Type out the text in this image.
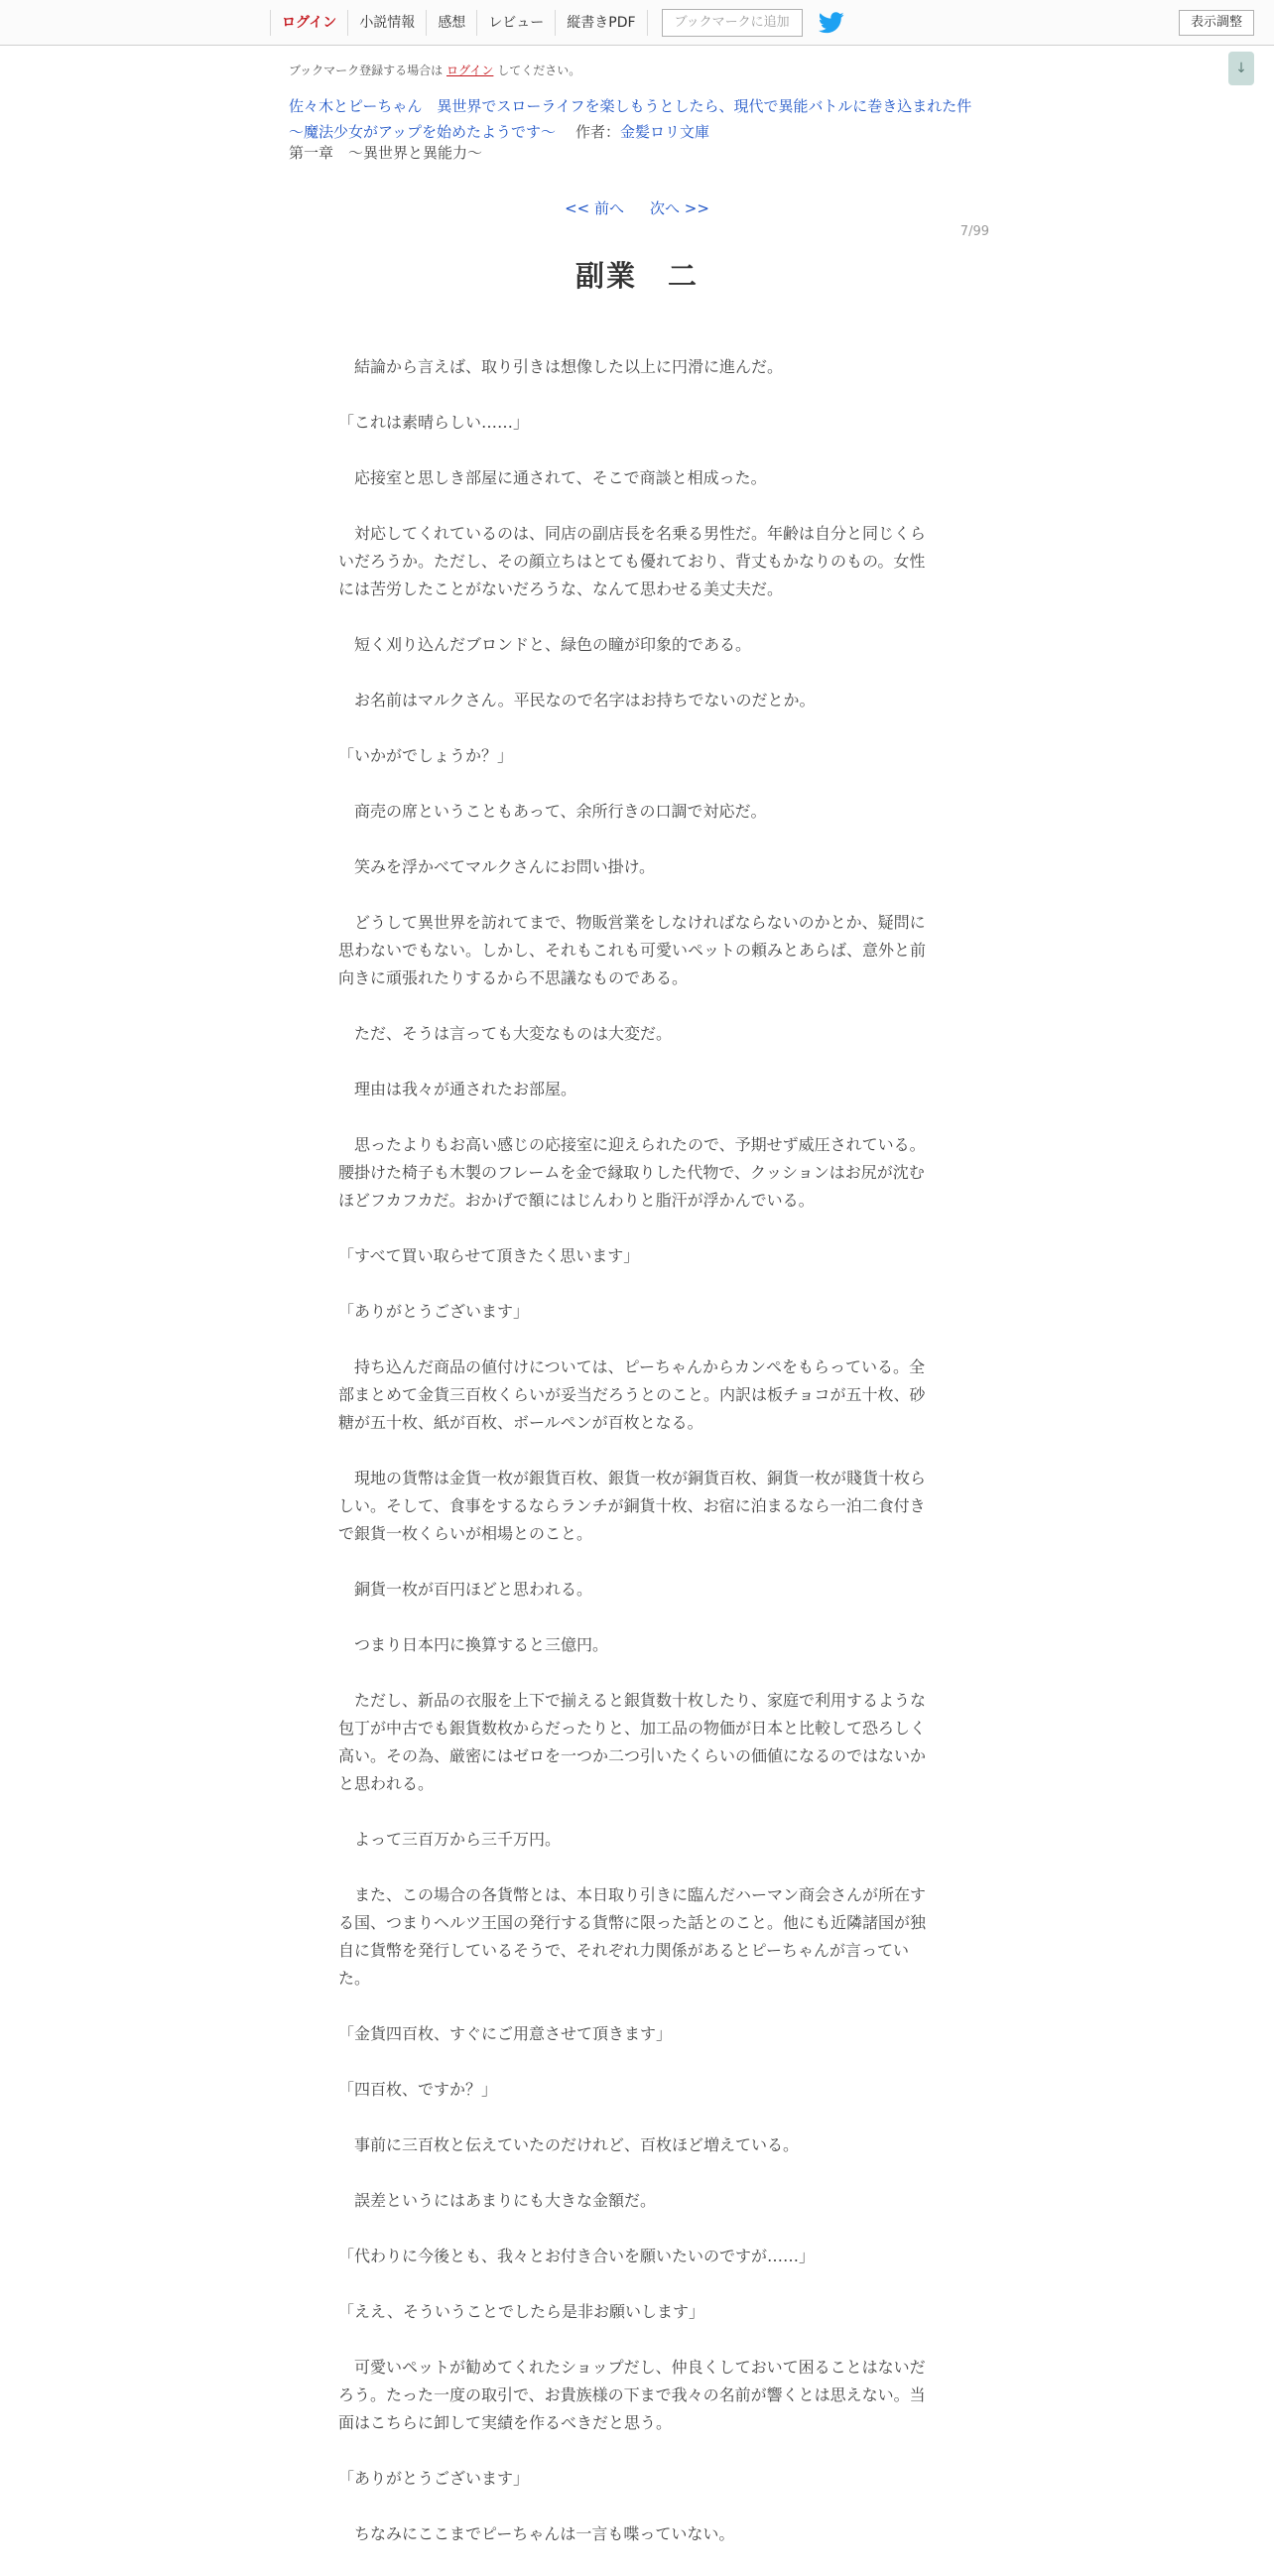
ログイン	小説情報	感想	レビュー	縦書きPDF	ブックマークに追加	表示調整
↓
ブックマーク登録する場合は ログイン してください。
佐々木とピーちゃん　異世界でスローライフを楽しもうとしたら、現代で異能バトルに巻き込まれた件　～魔法少女がアップを始めたようです～ 作者：金髪ロリ文庫
第一章　～異世界と異能力～
<< 前へ 次へ >>
7/99
副業　二

結論から言えば、取り引きは想像した以上に円滑に進んだ。

「これは素晴らしい……」

応接室と思しき部屋に通されて、そこで商談と相成った。

対応してくれているのは、同店の副店長を名乗る男性だ。年齢は自分と同じくらいだろうか。ただし、その顔立ちはとても優れており、背丈もかなりのもの。女性には苦労したことがないだろうな、なんて思わせる美丈夫だ。

短く刈り込んだブロンドと、緑色の瞳が印象的である。

お名前はマルクさん。平民なので名字はお持ちでないのだとか。

「いかがでしょうか？」

商売の席ということもあって、余所行きの口調で対応だ。

笑みを浮かべてマルクさんにお問い掛け。

どうして異世界を訪れてまで、物販営業をしなければならないのかとか、疑問に思わないでもない。しかし、それもこれも可愛いペットの頼みとあらば、意外と前向きに頑張れたりするから不思議なものである。

ただ、そうは言っても大変なものは大変だ。

理由は我々が通されたお部屋。

思ったよりもお高い感じの応接室に迎えられたので、予期せず威圧されている。腰掛けた椅子も木製のフレームを金で縁取りした代物で、クッションはお尻が沈むほどフカフカだ。おかげで額にはじんわりと脂汗が浮かんでいる。

「すべて買い取らせて頂きたく思います」

「ありがとうございます」

持ち込んだ商品の値付けについては、ピーちゃんからカンペをもらっている。全部まとめて金貨三百枚くらいが妥当だろうとのこと。内訳は板チョコが五十枚、砂糖が五十枚、紙が百枚、ボールペンが百枚となる。

現地の貨幣は金貨一枚が銀貨百枚、銀貨一枚が銅貨百枚、銅貨一枚が賤貨十枚らしい。そして、食事をするならランチが銅貨十枚、お宿に泊まるなら一泊二食付きで銀貨一枚くらいが相場とのこと。

銅貨一枚が百円ほどと思われる。

つまり日本円に換算すると三億円。

ただし、新品の衣服を上下で揃えると銀貨数十枚したり、家庭で利用するような包丁が中古でも銀貨数枚からだったりと、加工品の物価が日本と比較して恐ろしく高い。その為、厳密にはゼロを一つか二つ引いたくらいの価値になるのではないかと思われる。

よって三百万から三千万円。

また、この場合の各貨幣とは、本日取り引きに臨んだハーマン商会さんが所在する国、つまりヘルツ王国の発行する貨幣に限った話とのこと。他にも近隣諸国が独自に貨幣を発行しているそうで、それぞれ力関係があるとピーちゃんが言っていた。

「金貨四百枚、すぐにご用意させて頂きます」

「四百枚、ですか？」

事前に三百枚と伝えていたのだけれど、百枚ほど増えている。

誤差というにはあまりにも大きな金額だ。

「代わりに今後とも、我々とお付き合いを願いたいのですが……」

「ええ、そういうことでしたら是非お願いします」

可愛いペットが勧めてくれたショップだし、仲良くしておいて困ることはないだろう。たった一度の取引で、お貴族様の下まで我々の名前が響くとは思えない。当面はこちらに卸して実績を作るべきだと思う。

「ありがとうございます」

ちなみにここまでピーちゃんは一言も喋っていない。
